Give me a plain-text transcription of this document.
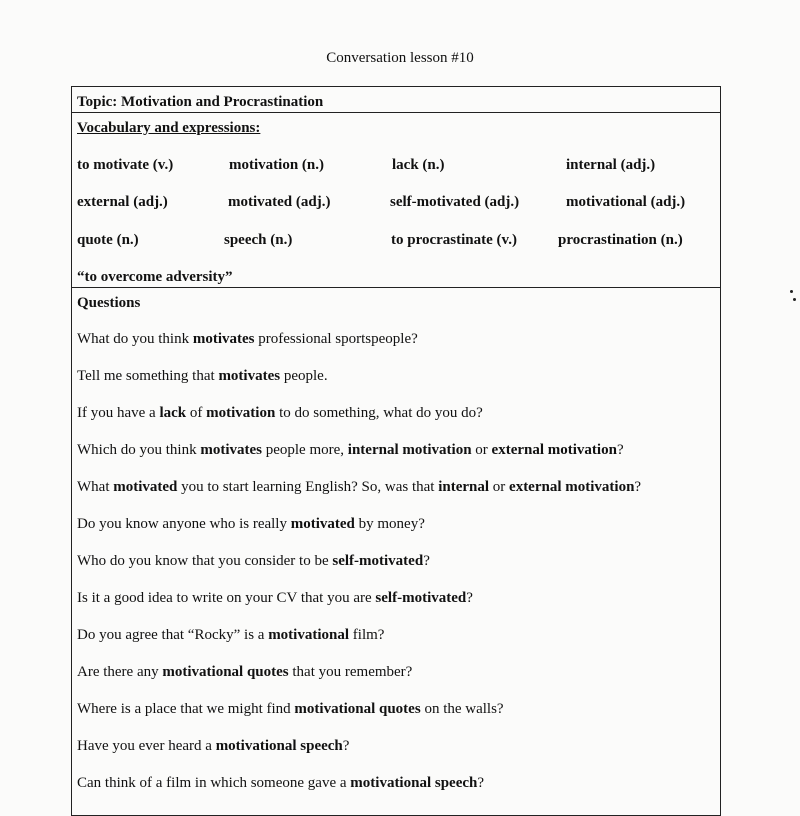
Conversation lesson #10
Topic: Motivation and Procrastination
Vocabulary and expressions:
to motivate (v.)	motivation (n.)	lack (n.)	internal (adj.)
external (adj.)	motivated (adj.)	self-motivated (adj.)	motivational (adj.)
quote (n.)	speech (n.)	to procrastinate (v.)	procrastination (n.)
“to overcome adversity”
Questions
What do you think motivates professional sportspeople?
Tell me something that motivates people.
If you have a lack of motivation to do something, what do you do?
Which do you think motivates people more, internal motivation or external motivation?
What motivated you to start learning English? So, was that internal or external motivation?
Do you know anyone who is really motivated by money?
Who do you know that you consider to be self-motivated?
Is it a good idea to write on your CV that you are self-motivated?
Do you agree that “Rocky” is a motivational film?
Are there any motivational quotes that you remember?
Where is a place that we might find motivational quotes on the walls?
Have you ever heard a motivational speech?
Can think of a film in which someone gave a motivational speech?
